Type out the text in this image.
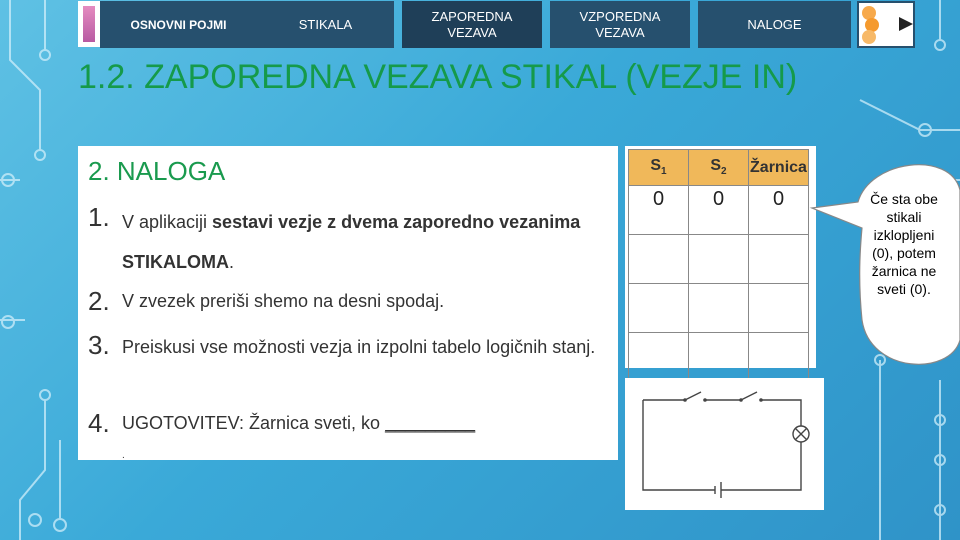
OSNOVNI POJMI	STIKALA
ZAPOREDNA VEZAVA
VZPOREDNA VEZAVA
NALOGE
1.2. ZAPOREDNA VEZAVA STIKAL (VEZJE IN)
2. NALOGA
1. V aplikaciji sestavi vezje z dvema zaporedno vezanima STIKALOMA.
2. V zvezek preriši shemo na desni spodaj.
3. Preiskusi vse možnosti vezja in izpolni tabelo logičnih stanj.
4. UGOTOVITEV: Žarnica sveti, ko _________
.
$S_1$	$S_2$	Žarnica
0	0	0

			Če sta obe stikali izklopljeni (0), potem žarnica ne sveti (0).
